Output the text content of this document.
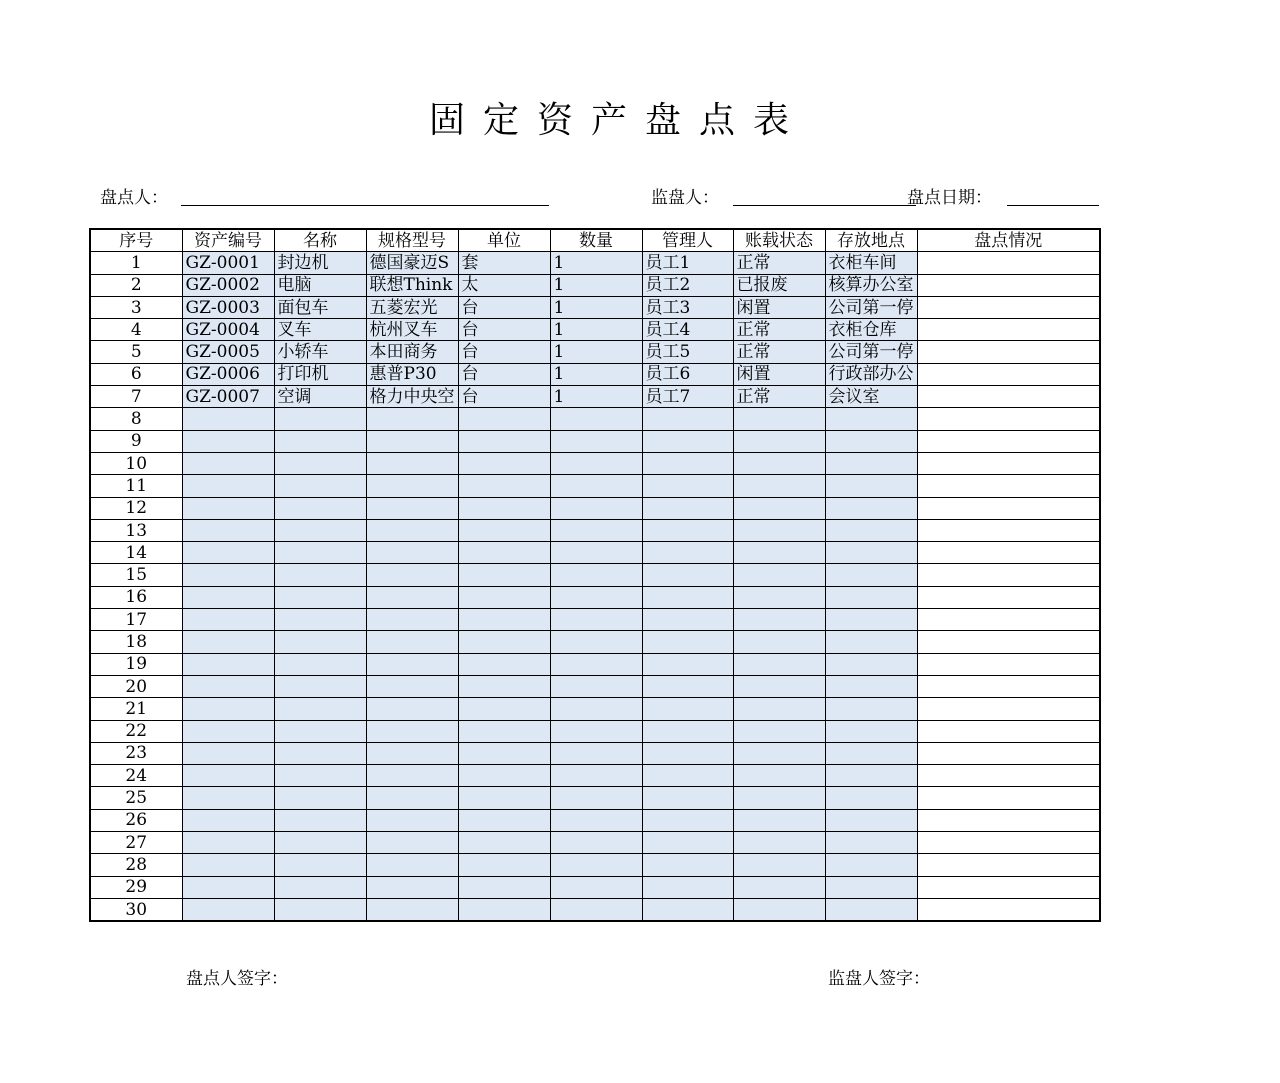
固定资产盘点表
盘点人：	监盘人：	盘点日期：
序号	资产编号	名称	规格型号	单位	数量	管理人	账载状态	存放地点	盘点情况
1	GZ-0001	封边机	德国豪迈S	套	1	员工1	正常	衣柜车间	
2	GZ-0002	电脑	联想Think	太	1	员工2	已报废	核算办公室	
3	GZ-0003	面包车	五菱宏光	台	1	员工3	闲置	公司第一停	
4	GZ-0004	叉车	杭州叉车	台	1	员工4	正常	衣柜仓库	
5	GZ-0005	小轿车	本田商务	台	1	员工5	正常	公司第一停	
6	GZ-0006	打印机	惠普P30	台	1	员工6	闲置	行政部办公	
7	GZ-0007	空调	格力中央空	台	1	员工7	正常	会议室	
8									
9									
10									
11									
12									
13									
14									
15									
16									
17									
18									
19									
20									
21									
22									
23									
24									
25									
26									
27									
28									
29									
30									
盘点人签字：	监盘人签字：
